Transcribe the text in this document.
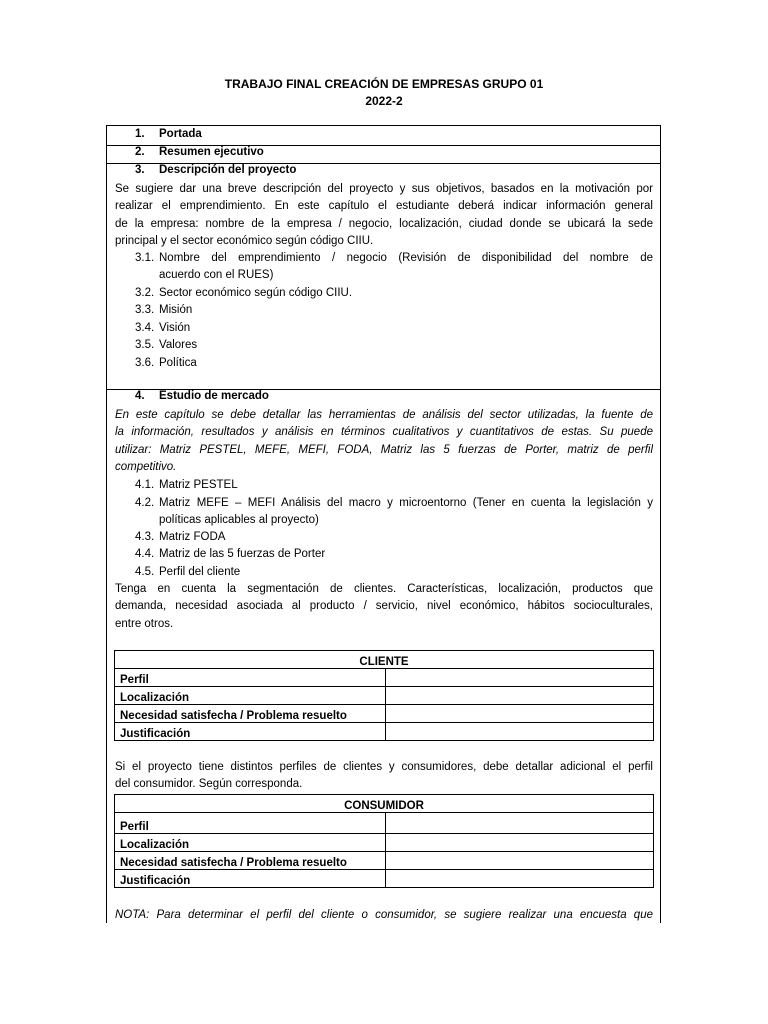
TRABAJO FINAL CREACIÓN DE EMPRESAS GRUPO 01
2022-2
1. Portada
2. Resumen ejecutivo
3. Descripción del proyecto
Se sugiere dar una breve descripción del proyecto y sus objetivos, basados en la motivación por
realizar el emprendimiento. En este capítulo el estudiante deberá indicar información general
de la empresa: nombre de la empresa / negocio, localización, ciudad donde se ubicará la sede
principal y el sector económico según código CIIU.
3.1. Nombre del emprendimiento / negocio (Revisión de disponibilidad del nombre de
acuerdo con el RUES)
3.2. Sector económico según código CIIU.
3.3. Misión
3.4. Visión
3.5. Valores
3.6. Política
4. Estudio de mercado
En este capítulo se debe detallar las herramientas de análisis del sector utilizadas, la fuente de
la información, resultados y análisis en términos cualitativos y cuantitativos de estas. Su puede
utilizar: Matriz PESTEL, MEFE, MEFI, FODA, Matriz las 5 fuerzas de Porter, matriz de perfil
competitivo.
4.1. Matriz PESTEL
4.2. Matriz MEFE – MEFI Análisis del macro y microentorno (Tener en cuenta la legislación y
políticas aplicables al proyecto)
4.3. Matriz FODA
4.4. Matriz de las 5 fuerzas de Porter
4.5. Perfil del cliente
Tenga en cuenta la segmentación de clientes. Características, localización, productos que
demanda, necesidad asociada al producto / servicio, nivel económico, hábitos socioculturales,
entre otros.
CLIENTE	
Perfil	
Localización	
Necesidad satisfecha / Problema resuelto	
Justificación	
Si el proyecto tiene distintos perfiles de clientes y consumidores, debe detallar adicional el perfil
del consumidor. Según corresponda.
CONSUMIDOR	
Perfil	
Localización	
Necesidad satisfecha / Problema resuelto	
Justificación	
NOTA: Para determinar el perfil del cliente o consumidor, se sugiere realizar una encuesta que
